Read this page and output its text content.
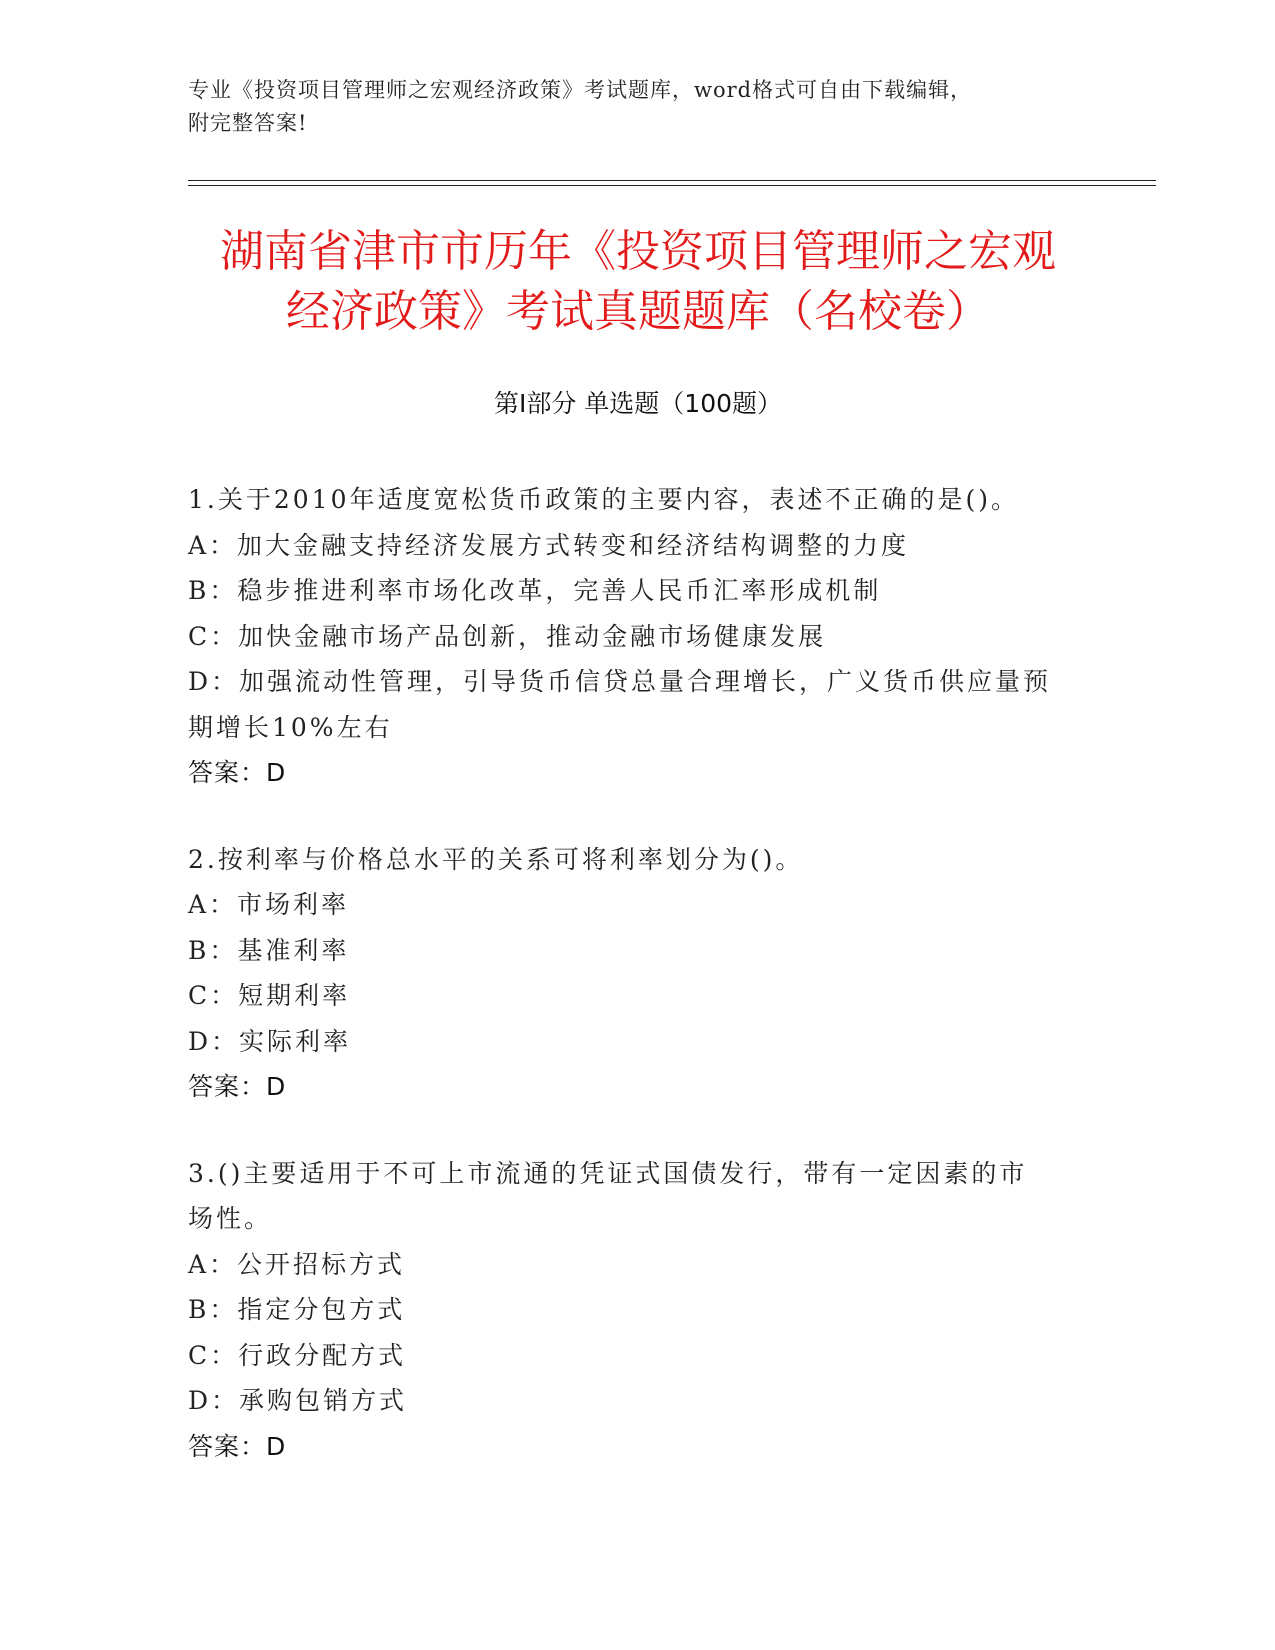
专业《投资项目管理师之宏观经济政策》考试题库，word格式可自由下载编辑，
附完整答案!
湖南省津市市历年《投资项目管理师之宏观
经济政策》考试真题题库（名校卷）
第Ⅰ部分 单选题（100题）
1.关于2010年适度宽松货币政策的主要内容，表述不正确的是()。
A：加大金融支持经济发展方式转变和经济结构调整的力度
B：稳步推进利率市场化改革，完善人民币汇率形成机制
C：加快金融市场产品创新，推动金融市场健康发展
D：加强流动性管理，引导货币信贷总量合理增长，广义货币供应量预
期增长10%左右
答案：D
2.按利率与价格总水平的关系可将利率划分为()。
A：市场利率
B：基准利率
C：短期利率
D：实际利率
答案：D
3.()主要适用于不可上市流通的凭证式国债发行，带有一定因素的市
场性。
A：公开招标方式
B：指定分包方式
C：行政分配方式
D：承购包销方式
答案：D
